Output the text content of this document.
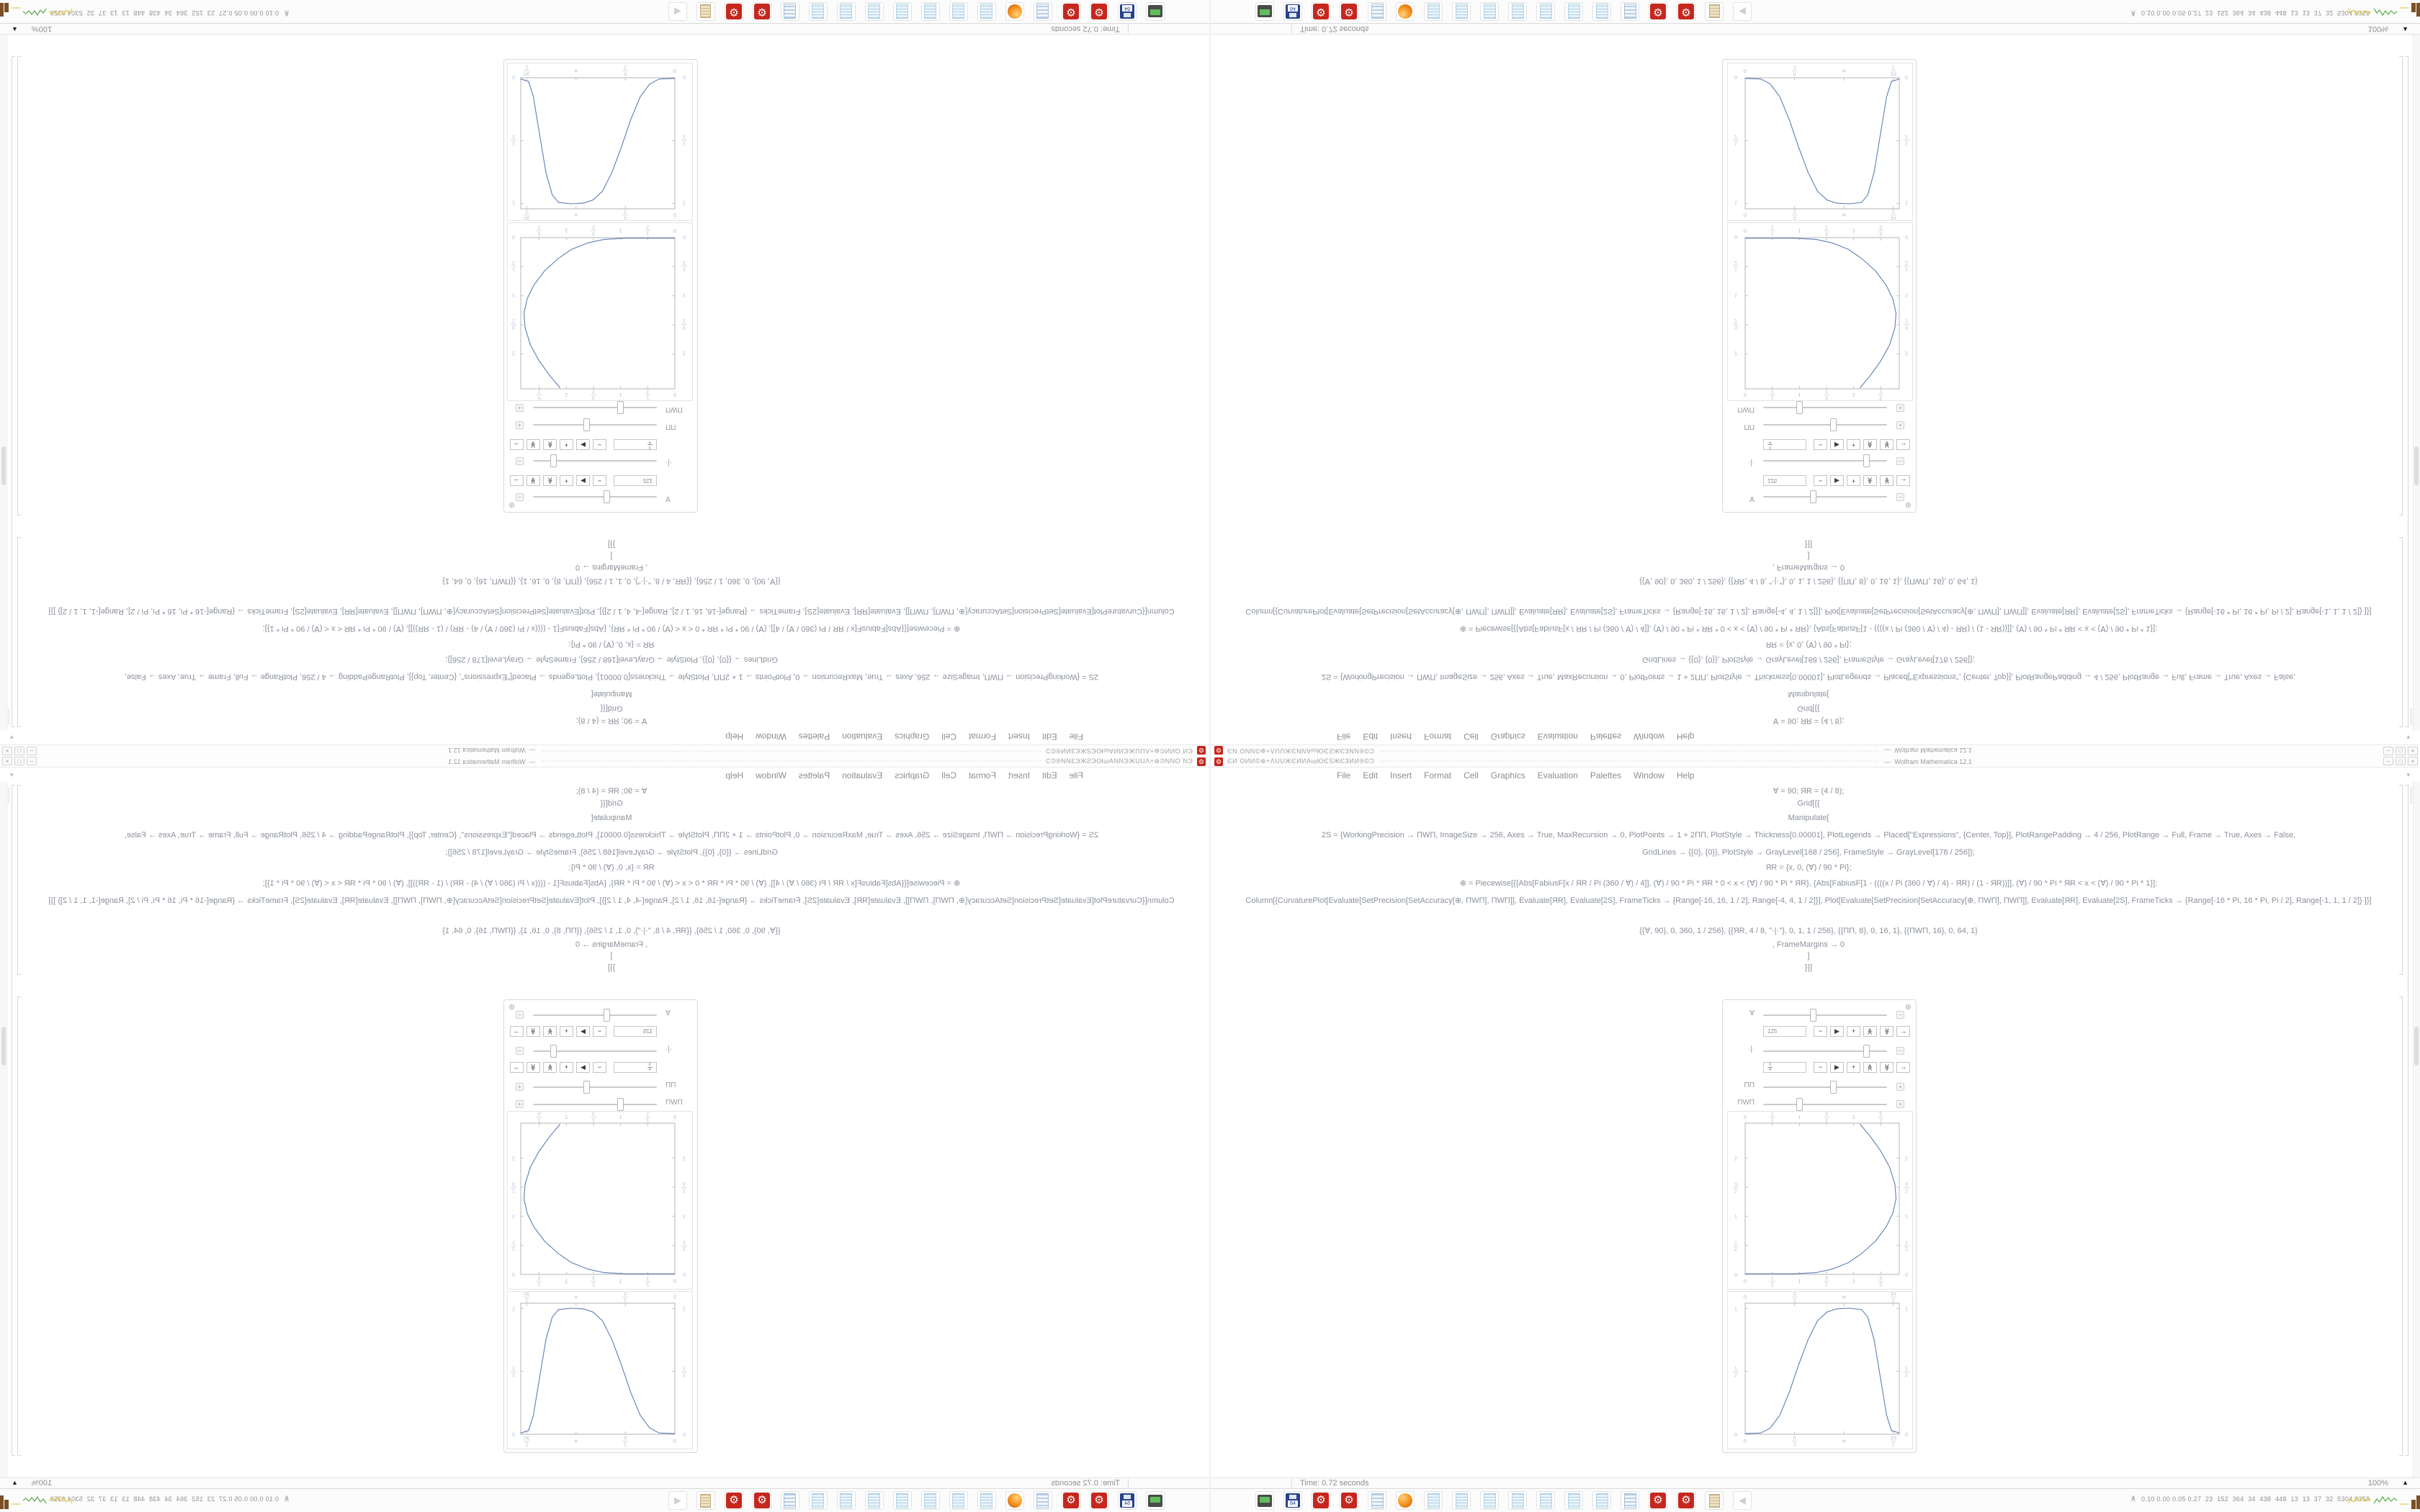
⚙
ЄИ˙ОИИ©⊕+ΛUUЖЄИИΑɯЮЄSЖЄЗИИ®©Ɔ
◦◦◦◦◦◦◦◦◦◦◦◦◦◦◦◦◦◦◦◦◦◦◦◦◦◦◦◦◦◦◦◦◦◦◦◦◦◦◦◦◦◦◦◦◦◦◦◦◦◦◦◦◦◦◦◦◦◦◦◦◦◦◦◦◦◦◦◦◦◦◦◦◦◦◦◦◦◦◦◦◦◦◦◦◦◦◦◦◦◦◦◦◦◦◦◦◦◦◦◦◦◦◦◦◦◦◦◦◦◦◦◦◦◦◦◦◦◦◦◦◦◦◦◦◦◦◦◦◦◦◦◦◦◦◦◦◦◦◦◦◦◦◦◦◦◦◦◦◦◦◦◦◦◦◦◦◦◦◦◦◦◦◦◦◦◦◦◦◦◦
—  Wolfram Mathematica 12.1
–
□
×
File
Edit
Insert
Format
Cell
Graphics
Evaluation
Palettes
Window
Help
▾
Ɐ = 90; ЯR = (4 / 8);
Grid[{{
Manipulate[
2S = {WorkingPrecision → ΠWΠ, ImageSize → 256, Axes → True, MaxRecursion → 0, PlotPoints → 1 + 2ΠΠ, PlotStyle → Thickness[0.00001], PlotLegends → Placed["Expressions", {Center, Top}], PlotRangePadding → 4 / 256, PlotRange → Full, Frame → True, Axes → False,
GridLines → {{0}, {0}}, PlotStyle → GrayLevel[168 / 256], FrameStyle → GrayLevel[178 / 256]};
ЯR = {x, 0, (Ɐ) / 90 * Pi};
⊕ = Piecewise[{{Abs[FabiusF[x / ЯR / Pi (360 / Ɐ) / 4]], (Ɐ) / 90 * Pi * ЯR * 0 < x < (Ɐ) / 90 * Pi * ЯR}, {Abs[FabiusF[1 - ((((x / Pi (360 / Ɐ) / 4) - ЯR) / (1 - ЯR))]], (Ɐ) / 90 * Pi * ЯR < x < (Ɐ) / 90 * Pi * 1}];
Column[{CurvaturePlot[Evaluate[SetPrecision[SetAccuracy[⊕, ΠWΠ], ΠWΠ]], Evaluate[ЯR], Evaluate[2S], FrameTicks → {Range[-16, 16, 1 / 2], Range[-4, 4, 1 / 2]}], Plot[Evaluate[SetPrecision[SetAccuracy[⊕, ΠWΠ], ΠWΠ]], Evaluate[ЯR], Evaluate[2S], FrameTicks → {Range[-16 * Pi, 16 * Pi, Pi / 2], Range[-1, 1, 1 / 2]} ]}]
{{Ɐ, 90}, 0, 360, 1 / 256}, {{ЯR, 4 / 8, "·|·"}, 0, 1, 1 / 256}, {{ΠΠ, 8}, 0, 16, 1}, {{ΠWΠ, 16}, 0, 64, 1}
, FrameMargins → 0
]
}}]
⊕
Ɐ
−
125
−
▶
+
≫
≫
→
·|·
−
3
4
−
▶
+
≫
≫
→
ΠΠ
+
ΠWΠ
+
0
0
1
2
1
2
1
1
3
2
3
2
2
2
5
2
5
2
0
0
1
2
1
2
1
1
3
2
3
2
2
2
0
0
π
2
π
2
π
π
3π
2
3π
2
0
0
1
2
1
2
1
1
Time: 0.72 seconds
100%
▲
64
⚙
⚙
⚙
⚙
◀
≪
0.10 0.00 0.05 0.27  23  152  364  34  438  448  13  13  37  32  5304 6359
⚙ ЄИ˙ОИИ©⊕+ΛUUЖЄИИΑɯЮЄSЖЄЗИИ®©Ɔ ◦◦◦◦◦◦◦◦◦◦◦◦◦◦◦◦◦◦◦◦◦◦◦◦◦◦◦◦◦◦◦◦◦◦◦◦◦◦◦◦◦◦◦◦◦◦◦◦◦◦◦◦◦◦◦◦◦◦◦◦◦◦◦◦◦◦◦◦◦◦◦◦◦◦◦◦◦◦◦◦◦◦◦◦◦◦◦◦◦◦◦◦◦◦◦◦◦◦◦◦◦◦◦◦◦◦◦◦◦◦◦◦◦◦◦◦◦◦◦◦◦◦◦◦◦◦◦◦◦◦◦◦◦◦◦◦◦◦◦◦◦◦◦◦◦◦◦◦◦◦◦◦◦◦◦◦◦◦◦◦◦◦◦◦◦◦◦◦◦◦ —  Wolfram Mathematica 12.1	–	□	×
File Edit Insert Format Cell Graphics Evaluation Palettes Window Help	▾
Ɐ = 90; ЯR = (4 / 8);
Grid[{{
Manipulate[
2S = {WorkingPrecision → ΠWΠ, ImageSize → 256, Axes → True, MaxRecursion → 0, PlotPoints → 1 + 2ΠΠ, PlotStyle → Thickness[0.00001], PlotLegends → Placed["Expressions", {Center, Top}], PlotRangePadding → 4 / 256, PlotRange → Full, Frame → True, Axes → False,
GridLines → {{0}, {0}}, PlotStyle → GrayLevel[168 / 256], FrameStyle → GrayLevel[178 / 256]};
ЯR = {x, 0, (Ɐ) / 90 * Pi};
⊕ = Piecewise[{{Abs[FabiusF[x / ЯR / Pi (360 / Ɐ) / 4]], (Ɐ) / 90 * Pi * ЯR * 0 < x < (Ɐ) / 90 * Pi * ЯR}, {Abs[FabiusF[1 - ((((x / Pi (360 / Ɐ) / 4) - ЯR) / (1 - ЯR))]], (Ɐ) / 90 * Pi * ЯR < x < (Ɐ) / 90 * Pi * 1}];
Column[{CurvaturePlot[Evaluate[SetPrecision[SetAccuracy[⊕, ΠWΠ], ΠWΠ]], Evaluate[ЯR], Evaluate[2S], FrameTicks → {Range[-16, 16, 1 / 2], Range[-4, 4, 1 / 2]}], Plot[Evaluate[SetPrecision[SetAccuracy[⊕, ΠWΠ], ΠWΠ]], Evaluate[ЯR], Evaluate[2S], FrameTicks → {Range[-16 * Pi, 16 * Pi, Pi / 2], Range[-1, 1, 1 / 2]} ]}]
{{Ɐ, 90}, 0, 360, 1 / 256}, {{ЯR, 4 / 8, "·|·"}, 0, 1, 1 / 256}, {{ΠΠ, 8}, 0, 16, 1}, {{ΠWΠ, 16}, 0, 64, 1}
, FrameMargins → 0
]
}}]
⊕
Ɐ	−
125	−	▶	+	≫	≫	→
·|·	−
3
4	−	▶	+	≫	≫	→
ΠΠ	+
ΠWΠ	+
0
0
1
2
1
2
1
1
3
2
3
2
2
2
5
2
5
2
0	0
1
2
1
2
1	1
3
2
3
2
2	2
0
0
π
2
π
2
π
π
3π
2
3π
2
0	0
1
2
1
2
1	1
Time: 0.72 seconds	100% ▲
64 ⚙ ⚙	⚙ ⚙	◀	≪ 0.10 0.00 0.05 0.27  23  152  364  34  438  448  13  13  37  32  5304 6359
⚙
ЄИ˙ОИИ©⊕+ΛUUЖЄИИΑɯЮЄSЖЄЗИИ®©Ɔ
◦◦◦◦◦◦◦◦◦◦◦◦◦◦◦◦◦◦◦◦◦◦◦◦◦◦◦◦◦◦◦◦◦◦◦◦◦◦◦◦◦◦◦◦◦◦◦◦◦◦◦◦◦◦◦◦◦◦◦◦◦◦◦◦◦◦◦◦◦◦◦◦◦◦◦◦◦◦◦◦◦◦◦◦◦◦◦◦◦◦◦◦◦◦◦◦◦◦◦◦◦◦◦◦◦◦◦◦◦◦◦◦◦◦◦◦◦◦◦◦◦◦◦◦◦◦◦◦◦◦◦◦◦◦◦◦◦◦◦◦◦◦◦◦◦◦◦◦◦◦◦◦◦◦◦◦◦◦◦◦◦◦◦◦◦◦◦◦◦◦
—  Wolfram Mathematica 12.1
–
□
×
File
Edit
Insert
Format
Cell
Graphics
Evaluation
Palettes
Window
Help
▾
Ɐ = 90; ЯR = (4 / 8);
Grid[{{
Manipulate[
2S = {WorkingPrecision → ΠWΠ, ImageSize → 256, Axes → True, MaxRecursion → 0, PlotPoints → 1 + 2ΠΠ, PlotStyle → Thickness[0.00001], PlotLegends → Placed["Expressions", {Center, Top}], PlotRangePadding → 4 / 256, PlotRange → Full, Frame → True, Axes → False,
GridLines → {{0}, {0}}, PlotStyle → GrayLevel[168 / 256], FrameStyle → GrayLevel[178 / 256]};
ЯR = {x, 0, (Ɐ) / 90 * Pi};
⊕ = Piecewise[{{Abs[FabiusF[x / ЯR / Pi (360 / Ɐ) / 4]], (Ɐ) / 90 * Pi * ЯR * 0 < x < (Ɐ) / 90 * Pi * ЯR}, {Abs[FabiusF[1 - ((((x / Pi (360 / Ɐ) / 4) - ЯR) / (1 - ЯR))]], (Ɐ) / 90 * Pi * ЯR < x < (Ɐ) / 90 * Pi * 1}];
Column[{CurvaturePlot[Evaluate[SetPrecision[SetAccuracy[⊕, ΠWΠ], ΠWΠ]], Evaluate[ЯR], Evaluate[2S], FrameTicks → {Range[-16, 16, 1 / 2], Range[-4, 4, 1 / 2]}], Plot[Evaluate[SetPrecision[SetAccuracy[⊕, ΠWΠ], ΠWΠ]], Evaluate[ЯR], Evaluate[2S], FrameTicks → {Range[-16 * Pi, 16 * Pi, Pi / 2], Range[-1, 1, 1 / 2]} ]}]
{{Ɐ, 90}, 0, 360, 1 / 256}, {{ЯR, 4 / 8, "·|·"}, 0, 1, 1 / 256}, {{ΠΠ, 8}, 0, 16, 1}, {{ΠWΠ, 16}, 0, 64, 1}
, FrameMargins → 0
]
}}]
⊕
Ɐ
−
125
−
▶
+
≫
≫
→
·|·
−
$\frac{3}{4}$
−
▶
+
≫
≫
→
ΠΠ
+
ΠWΠ
+
0
0
1
2
1
2
1
1
3
2
3
2
2
2
5
2
5
2
0
0
1
2
1
2
1
1
3
2
3
2
2
2
0
0
π
2
π
2
π
π
3π
2
3π
2
0
0
1
2
1
2
1
1
Time: 0.72 seconds
100%
▲
64
⚙
⚙
⚙
⚙
◀
≪
0.10 0.00 0.05 0.27  23  152  364  34  438  448  13  13  37  32  5304 6359
⚙ ЄИ˙ОИИ©⊕+ΛUUЖЄИИΑɯЮЄSЖЄЗИИ®©Ɔ ◦◦◦◦◦◦◦◦◦◦◦◦◦◦◦◦◦◦◦◦◦◦◦◦◦◦◦◦◦◦◦◦◦◦◦◦◦◦◦◦◦◦◦◦◦◦◦◦◦◦◦◦◦◦◦◦◦◦◦◦◦◦◦◦◦◦◦◦◦◦◦◦◦◦◦◦◦◦◦◦◦◦◦◦◦◦◦◦◦◦◦◦◦◦◦◦◦◦◦◦◦◦◦◦◦◦◦◦◦◦◦◦◦◦◦◦◦◦◦◦◦◦◦◦◦◦◦◦◦◦◦◦◦◦◦◦◦◦◦◦◦◦◦◦◦◦◦◦◦◦◦◦◦◦◦◦◦◦◦◦◦◦◦◦◦◦◦◦◦◦ —  Wolfram Mathematica 12.1	–	□	×
File Edit Insert Format Cell Graphics Evaluation Palettes Window Help	▾
Ɐ = 90; ЯR = (4 / 8);
Grid[{{
Manipulate[
2S = {WorkingPrecision → ΠWΠ, ImageSize → 256, Axes → True, MaxRecursion → 0, PlotPoints → 1 + 2ΠΠ, PlotStyle → Thickness[0.00001], PlotLegends → Placed["Expressions", {Center, Top}], PlotRangePadding → 4 / 256, PlotRange → Full, Frame → True, Axes → False,
GridLines → {{0}, {0}}, PlotStyle → GrayLevel[168 / 256], FrameStyle → GrayLevel[178 / 256]};
ЯR = {x, 0, (Ɐ) / 90 * Pi};
⊕ = Piecewise[{{Abs[FabiusF[x / ЯR / Pi (360 / Ɐ) / 4]], (Ɐ) / 90 * Pi * ЯR * 0 < x < (Ɐ) / 90 * Pi * ЯR}, {Abs[FabiusF[1 - ((((x / Pi (360 / Ɐ) / 4) - ЯR) / (1 - ЯR))]], (Ɐ) / 90 * Pi * ЯR < x < (Ɐ) / 90 * Pi * 1}];
Column[{CurvaturePlot[Evaluate[SetPrecision[SetAccuracy[⊕, ΠWΠ], ΠWΠ]], Evaluate[ЯR], Evaluate[2S], FrameTicks → {Range[-16, 16, 1 / 2], Range[-4, 4, 1 / 2]}], Plot[Evaluate[SetPrecision[SetAccuracy[⊕, ΠWΠ], ΠWΠ]], Evaluate[ЯR], Evaluate[2S], FrameTicks → {Range[-16 * Pi, 16 * Pi, Pi / 2], Range[-1, 1, 1 / 2]} ]}]
{{Ɐ, 90}, 0, 360, 1 / 256}, {{ЯR, 4 / 8, "·|·"}, 0, 1, 1 / 256}, {{ΠΠ, 8}, 0, 16, 1}, {{ΠWΠ, 16}, 0, 64, 1}
, FrameMargins → 0
]
}}]
⊕
Ɐ	−
125	−	▶	+	≫	≫	→
·|·	−
$\frac{3}{4}$	−	▶	+	≫	≫	→
ΠΠ	+
ΠWΠ	+
0
0
1
2
1
2
1
1
3
2
3
2
2
2
5
2
5
2
0	0
1
2
1
2
1	1
3
2
3
2
2	2
0
0
π
2
π
2
π
π
3π
2
3π
2
0	0
1
2
1
2
1	1
Time: 0.72 seconds	100% ▲
64 ⚙ ⚙	⚙ ⚙	◀	≪ 0.10 0.00 0.05 0.27  23  152  364  34  438  448  13  13  37  32  5304 6359
